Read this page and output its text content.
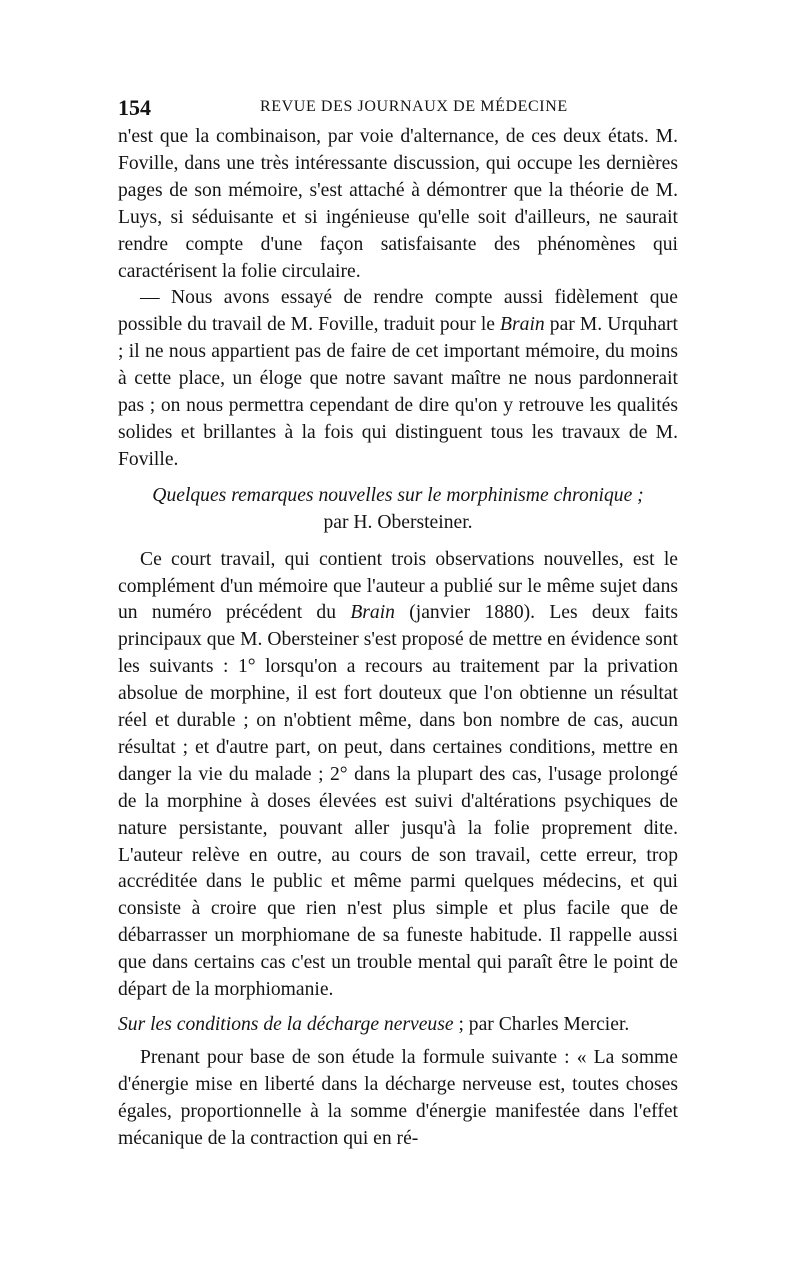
154	REVUE DES JOURNAUX DE MÉDECINE

n'est que la combinaison, par voie d'alternance, de ces deux états. M. Foville, dans une très intéressante discussion, qui occupe les dernières pages de son mémoire, s'est attaché à démontrer que la théorie de M. Luys, si séduisante et si ingénieuse qu'elle soit d'ailleurs, ne saurait rendre compte d'une façon satisfaisante des phénomènes qui caractérisent la folie circulaire.

— Nous avons essayé de rendre compte aussi fidèlement que possible du travail de M. Foville, traduit pour le Brain par M. Urquhart ; il ne nous appartient pas de faire de cet important mémoire, du moins à cette place, un éloge que notre savant maître ne nous pardonnerait pas ; on nous permettra cependant de dire qu'on y retrouve les qualités solides et brillantes à la fois qui distinguent tous les travaux de M. Foville.

Quelques remarques nouvelles sur le morphinisme chronique ;

par H. Obersteiner.

Ce court travail, qui contient trois observations nouvelles, est le complément d'un mémoire que l'auteur a publié sur le même sujet dans un numéro précédent du Brain (janvier 1880). Les deux faits principaux que M. Obersteiner s'est proposé de mettre en évidence sont les suivants : 1° lorsqu'on a recours au traitement par la privation absolue de morphine, il est fort douteux que l'on obtienne un résultat réel et durable ; on n'obtient même, dans bon nombre de cas, aucun résultat ; et d'autre part, on peut, dans certaines conditions, mettre en danger la vie du malade ; 2° dans la plupart des cas, l'usage prolongé de la morphine à doses élevées est suivi d'altérations psychiques de nature persistante, pouvant aller jusqu'à la folie proprement dite. L'auteur relève en outre, au cours de son travail, cette erreur, trop accréditée dans le public et même parmi quelques médecins, et qui consiste à croire que rien n'est plus simple et plus facile que de débarrasser un morphiomane de sa funeste habitude. Il rappelle aussi que dans certains cas c'est un trouble mental qui paraît être le point de départ de la morphiomanie.

Sur les conditions de la décharge nerveuse ; par Charles Mercier.

Prenant pour base de son étude la formule suivante : « La somme d'énergie mise en liberté dans la décharge nerveuse est, toutes choses égales, proportionnelle à la somme d'énergie manifestée dans l'effet mécanique de la contraction qui en ré-
